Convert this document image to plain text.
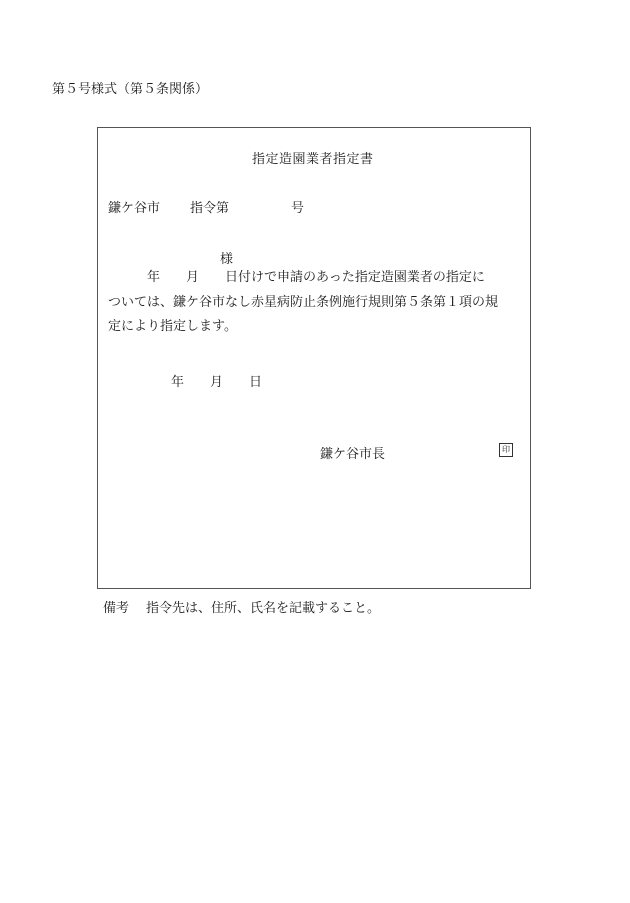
第５号様式（第５条関係）
指定造園業者指定書
鎌ケ谷市 指令第	号
様
　　　年　　月　　日付けで申請のあった指定造園業者の指定に
ついては、鎌ケ谷市なし赤星病防止条例施行規則第５条第１項の規
定により指定します。
年　　月　　日
鎌ケ谷市長	印
備考 指令先は、住所、氏名を記載すること。
